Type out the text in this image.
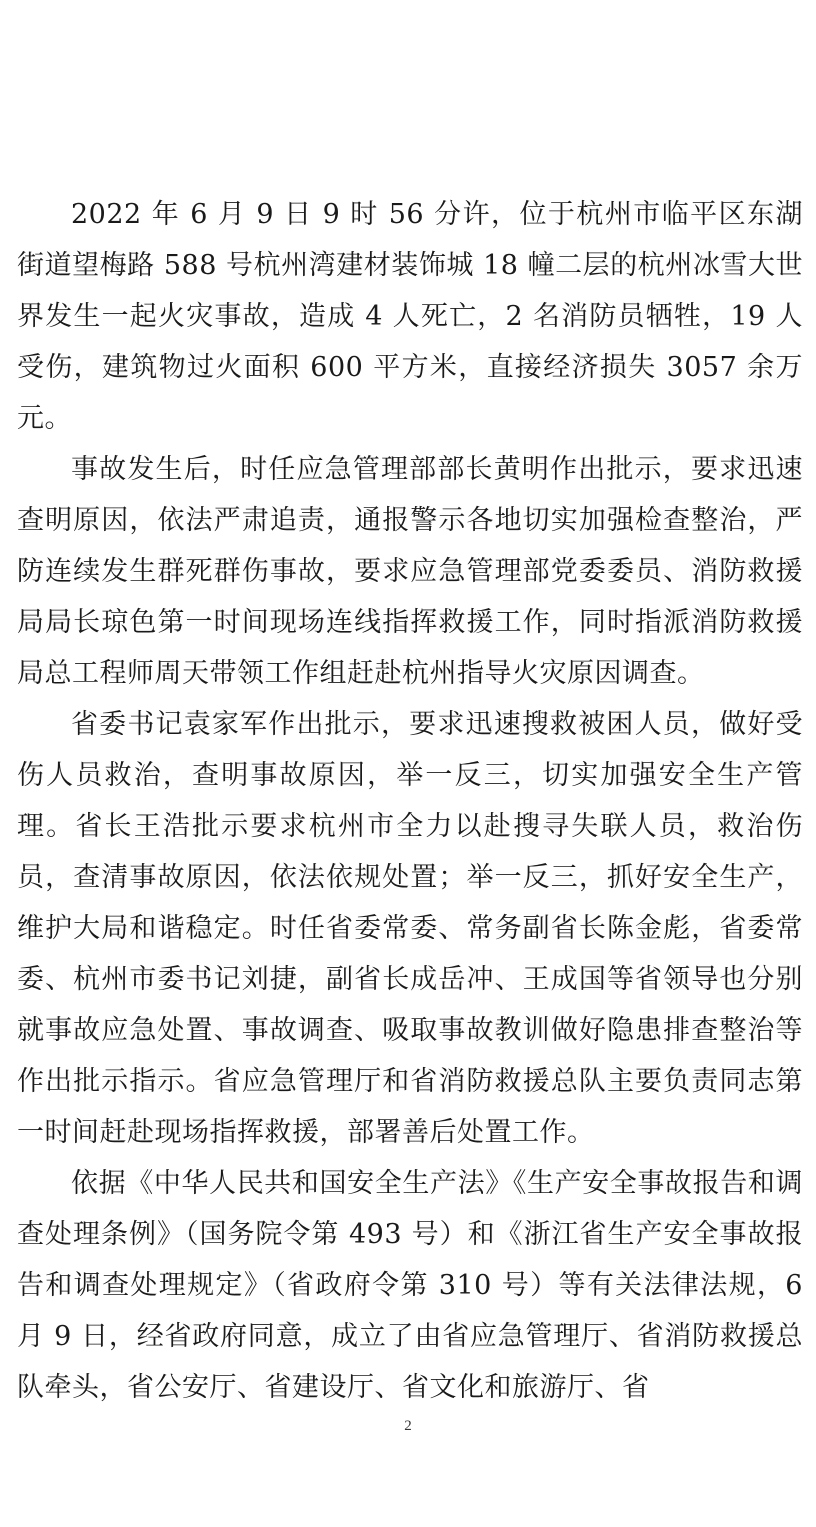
2022 年 6 月 9 日 9 时 56 分许，位于杭州市临平区东湖街道望梅路 588 号杭州湾建材装饰城 18 幢二层的杭州冰雪大世界发生一起火灾事故，造成 4 人死亡，2 名消防员牺牲，19 人受伤，建筑物过火面积 600 平方米，直接经济损失 3057 余万元。

事故发生后，时任应急管理部部长黄明作出批示，要求迅速查明原因，依法严肃追责，通报警示各地切实加强检查整治，严防连续发生群死群伤事故，要求应急管理部党委委员、消防救援局局长琼色第一时间现场连线指挥救援工作，同时指派消防救援局总工程师周天带领工作组赶赴杭州指导火灾原因调查。

省委书记袁家军作出批示，要求迅速搜救被困人员，做好受伤人员救治，查明事故原因，举一反三，切实加强安全生产管理。省长王浩批示要求杭州市全力以赴搜寻失联人员，救治伤员，查清事故原因，依法依规处置；举一反三，抓好安全生产，维护大局和谐稳定。时任省委常委、常务副省长陈金彪，省委常委、杭州市委书记刘捷，副省长成岳冲、王成国等省领导也分别就事故应急处置、事故调查、吸取事故教训做好隐患排查整治等作出批示指示。省应急管理厅和省消防救援总队主要负责同志第一时间赶赴现场指挥救援，部署善后处置工作。

依据《中华人民共和国安全生产法》《生产安全事故报告和调查处理条例》（国务院令第 493 号）和《浙江省生产安全事故报告和调查处理规定》（省政府令第 310 号）等有关法律法规，6 月 9 日，经省政府同意，成立了由省应急管理厅、省消防救援总队牵头，省公安厅、省建设厅、省文化和旅游厅、省

2
